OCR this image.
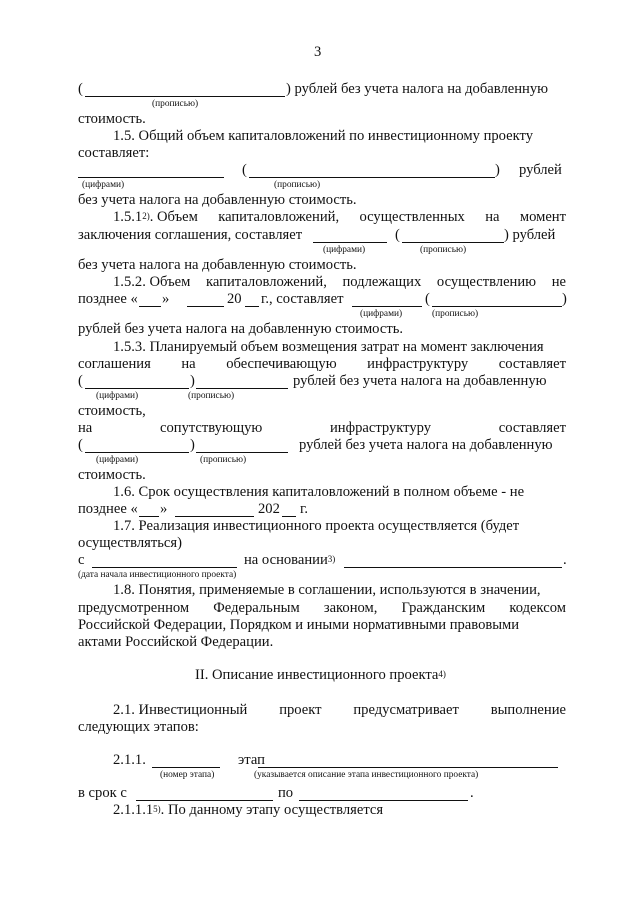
3
(	) рублей без учета налога на добавленную
(прописью)
стоимость.
1.5. Общий объем капиталовложений по инвестиционному проекту
составляет:
(	) рублей
(цифрами)	(прописью)
без учета налога на добавленную стоимость.
1.5.1$^{2)}$. Объем капиталовложений, осуществленных на момент
заключения соглашения, составляет	(	) рублей
(цифрами)	(прописью)
без учета налога на добавленную стоимость.
1.5.2. Объем капиталовложений, подлежащих осуществлению не
позднее « »	20 г., составляет	(	)
(цифрами)	(прописью)
рублей без учета налога на добавленную стоимость.
1.5.3. Планируемый объем возмещения затрат на момент заключения
соглашения на обеспечивающую инфраструктуру составляет
(	)	рублей без учета налога на добавленную
(цифрами)	(прописью)
стоимость,
на	сопутствующую	инфраструктуру	составляет
(	)	рублей без учета налога на добавленную
(цифрами)	(прописью)
стоимость.
1.6. Срок осуществления капиталовложений в полном объеме - не
позднее « »	202 г.
1.7. Реализация инвестиционного проекта осуществляется (будет
осуществляться)
с	на основании$^{3)}$	.
(дата начала инвестиционного проекта)
1.8. Понятия, применяемые в соглашении, используются в значении,
предусмотренном Федеральным законом, Гражданским кодексом
Российской Федерации, Порядком и иными нормативными правовыми
актами Российской Федерации.
II. Описание инвестиционного проекта$^{4)}$
2.1. Инвестиционный проект предусматривает выполнение
следующих этапов:
2.1.1.	этап
(номер этапа)	(указывается описание этапа инвестиционного проекта)
в срок с	по	.
2.1.1.1$^{5)}$. По данному этапу осуществляется
